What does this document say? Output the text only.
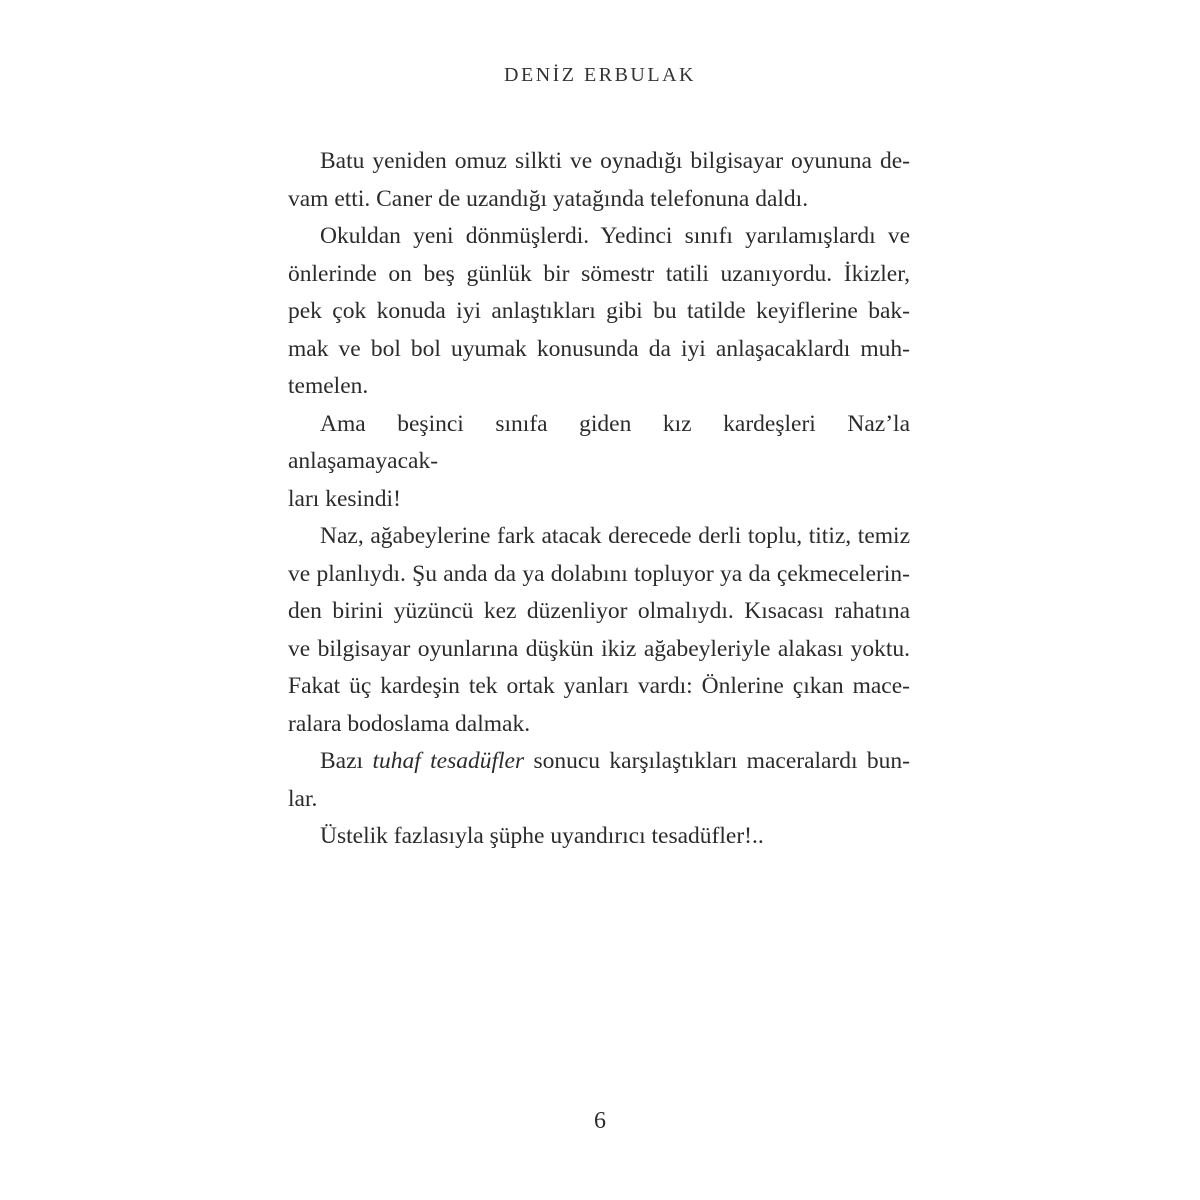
DENİZ ERBULAK
Batu yeniden omuz silkti ve oynadığı bilgisayar oyununa de-
vam etti. Caner de uzandığı yatağında telefonuna daldı.
Okuldan yeni dönmüşlerdi. Yedinci sınıfı yarılamışlardı ve
önlerinde on beş günlük bir sömestr tatili uzanıyordu. İkizler,
pek çok konuda iyi anlaştıkları gibi bu tatilde keyiflerine bak-
mak ve bol bol uyumak konusunda da iyi anlaşacaklardı muh-
temelen.
Ama beşinci sınıfa giden kız kardeşleri Naz’la anlaşamayacak-
ları kesindi!
Naz, ağabeylerine fark atacak derecede derli toplu, titiz, temiz
ve planlıydı. Şu anda da ya dolabını topluyor ya da çekmecelerin-
den birini yüzüncü kez düzenliyor olmalıydı. Kısacası rahatına
ve bilgisayar oyunlarına düşkün ikiz ağabeyleriyle alakası yoktu.
Fakat üç kardeşin tek ortak yanları vardı: Önlerine çıkan mace-
ralara bodoslama dalmak.
Bazı tuhaf tesadüfler sonucu karşılaştıkları maceralardı bun-
lar.
Üstelik fazlasıyla şüphe uyandırıcı tesadüfler!..
6
